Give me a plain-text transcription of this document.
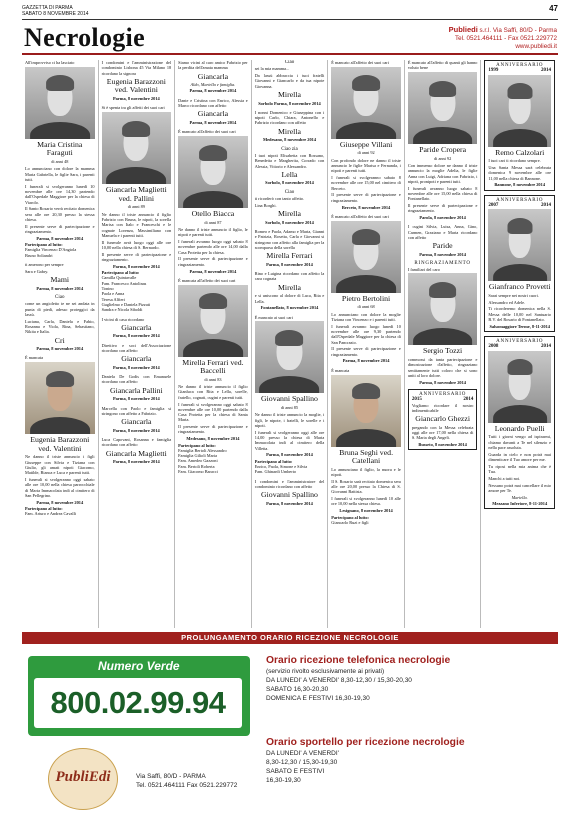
GAZZETTA DI PARMA
SABATO 8 NOVEMBRE 2014
47
Necrologie	Publiedi s.r.l. Via Saffi, 80/D - Parma
Tel. 0521.464111 - Fax 0521.229772
www.publiedi.it

All'improvviso ci ha lasciato

Maria Cristina Faraguti
di anni 48

Lo annunciano con dolore la mamma Maria Gabriella, le figlie Sara, i parenti tutti.

I funerali si svolgeranno lunedì 10 novembre alle ore 14,30 partendo dall'Ospedale Maggiore per la chiesa di Viarolo.

Il Santo Rosario verrà recitato domenica sera alle ore 20,30 presso la stessa chiesa.

Il presente serve di partecipazione e ringraziamento.

Parma, 8 novembre 2014
Partecipano al lutto:
Famiglia Vincenzo D'Angiola
Bruno Soliandri

ti amerono per sempre

Sara e Gabry.

Mami
Parma, 8 novembre 2014
Ciao

come un angioletto te ne sei andata in punta di piedi, adesso proteggici da lassù.

Luciana, Carla, Daniela e Fabio, Rosanna e Viola, Rina, Sebastiano, Nikita e Italia.

Cri
Parma, 8 novembre 2014

È mancata

Eugenia Barazzoni ved. Valentini

Ne danno il triste annuncio i figli Giuseppe con Silvia e Tiziana con Giulio, gli amati nipoti Giacomo, Matilde, Bianca e Luca e parenti tutti.

I funerali si svolgeranno oggi sabato alle ore 10,00 nella chiesa parrocchiale di Marta Immacolata indi al cimitero di San Pellegrino.

Parma, 8 novembre 2014
Partecipano al lutto:
Fam. Arturo e Andrea Cavalli

I condomini e l'amministrazione del condominio Lisbona 45 Via Milano 18 ricordano la signora

Eugenia Barazzoni ved. Valentini
Parma, 8 novembre 2014

Si è spenta tra gli affetti dei suoi cari

Giancarla Maglietti ved. Pallini
di anni 89

Ne danno il triste annuncio il figlio Fabrizio con Bruna, le nipoti, la sorella Marisa con Italo e Franceschi e le cognate Lorenza, Massimiliano con Manuela e i parenti tutti.

Il funerale avrà luogo oggi alle ore 10,00 nella chiesa di S. Bernardo.

Il presente serve di partecipazione e ringraziamento.

Parma, 8 novembre 2014
Partecipano al lutto:
Camilla Quintavalle
Fam. Francesco Antolinas
Tonino
Paola e Anna
Teresa Alfieri
Guglielmo e Daniela Pizzati
Sandra e Nicola Siboldi

I vicini di casa ricordano

Giancarla
Parma, 8 novembre 2014

Direttivo e soci dell'Associazione ricordano con affetto

Giancarla
Parma, 8 novembre 2014

Daniela De Godis con Emanuele ricordano con affetto

Giancarla Pallini
Parma, 8 novembre 2014

Marcella con Paolo e famiglia si stringono con affetto a Fabrizio.

Giancarla
Parma, 8 novembre 2014

Luca Capovani, Rosanna e famiglia ricordano con affetto

Giancarla Maglietti
Parma, 8 novembre 2014

Siamo vicini al caro amico Fabrizio per la perdita dell'amata mamma

Giancarla
Aldo, Mariella e famiglia.
Parma, 8 novembre 2014

Dante e Cristina con Enrico, Alessia e Marco ricordano con affetto

Giancarla
Parma, 8 novembre 2014

È mancato all'affetto dei suoi cari

Otello Biacca
di anni 87

Ne danno il triste annuncio il figlio, le nipoti e parenti tutti.

I funerali avranno luogo oggi sabato 8 novembre partendo alle ore 14,00 dalla Casa Protetta per la chiesa.

Il presente serve di partecipazione e ringraziamento.

Parma, 8 novembre 2014

È mancata all'affetto dei suoi cari

Mirella Ferrari ved. Baccelli
di anni 83

Ne danno il triste annuncio il figlio Gianluca con Rita e Lella, sorelle, fratello, cognati, cugini e parenti tutti.

I funerali si svolgeranno oggi sabato 8 novembre alle ore 10,00 partendo dalla Casa Protetta per la chiesa di Santa Maria.

Il presente serve di partecipazione e ringraziamento.

Medesano, 8 novembre 2014
Partecipano al lutto:
Famiglia Bertoli Alessandro
Famiglia Gilioli Maria
Fam. Amedeo Gazzoni
Fam. Bertoli Roberta
Fam. Giacomo Baracci
Ciao

sei la mia mamma...

Da lassù abbraccia i tuoi fratelli Giovanni e Giancarlo e da tua nipote Giovanna.

Mirella
Sorbolo Parma, 8 novembre 2014

I nonni Domenico e Giuseppina con i nipoti Carlo, Chiara, Antonello e Fabrizio ricordano con affetto

Mirella
Medesano, 8 novembre 2014
Ciao zia

I tuoi nipoti Elisabetta con Rossano, Benedetta e Margherita, Corrado con Alessia, Vittorio e Alessandro.

Lella
Sorbolo, 8 novembre 2014
Ciao

ti ricorderò con tanto affetto.

Lina Borghi.

Mirella
Sorbolo, 8 novembre 2014

Romeo e Paola, Adamo e Maria, Gianni e Patrizia, Rosetta, Carla e Giovanni si stringono con affetto alla famiglia per la scomparsa della sorella

Mirella Ferrari
Parma, 8 novembre 2014

Rino e Luigina ricordano con affetto la cara cognata

Mirella

e si uniscono al dolore di Luca, Rita e Lella.

Fontanellato, 8 novembre 2014

È mancato ai suoi cari

Giovanni Spallino
di anni 85

Ne danno il triste annuncio la moglie, i figli, le nipote, i fratelli, le sorelle e i nipoti.

I funerali si svolgeranno oggi alle ore 14,00 presso la chiesa di Maria Immacolata indi al cimitero della Villetta.

Parma, 8 novembre 2014
Partecipano al lutto:
Enrico, Paola, Simone e Silvia
Fam. Ghinardi Umberto

I condomini e l'amministratore del condominio ricordano con affetto

Giovanni Spallino
Parma, 8 novembre 2014

È mancato all'affetto dei suoi cari

Giuseppe Villani
di anni 92

Con profondo dolore ne danno il triste annuncio le figlie Marisa e Fernanda, i nipoti e parenti tutti.

I funerali si svolgeranno sabato 8 novembre alle ore 15,00 nel cimitero di Berceto.

Il presente serve di partecipazione e ringraziamento.

Berceto, 8 novembre 2014

È mancato all'affetto dei suoi cari

Pietro Bertolini
di anni 68

Lo annunciano con dolore la moglie Tiziana con Vincenzo e i parenti tutti.

I funerali avranno luogo lunedì 10 novembre alle ore 9,30 partendo dall'Ospedale Maggiore per la chiesa di San Pancrazio.

Il presente serve di partecipazione e ringraziamento.

Parma, 8 novembre 2014

È mancata

Bruna Seghi ved. Catellani

Lo annunciano il figlio, la nuora e le nipoti.

Il S. Rosario sarà recitato domenica sera alle ore 20,00 presso la Chiesa di S. Giovanni Battista.

I funerali si svolgeranno lunedì 10 alle ore 10,00 nella stessa chiesa.

Lesignano, 8 novembre 2014
Partecipano al lutto:
Giancarlo Ruzi e figli

È mancato all'affetto di quanti gli hanno voluto bene

Paride Cropera
di anni 92

Con immenso dolore ne danno il triste annuncio la moglie Adelia, le figlie Anna con Luigi, Adriana con Fabrizio, i nipoti, pronipoti e parenti tutti.

I funerali avranno luogo sabato 8 novembre alle ore 15,00 nella chiesa di Fontanellato.

Il presente serve di partecipazione e ringraziamento.

Parola, 8 novembre 2014

I cugini Silvia, Luisa, Anna, Gino, Carmen, Graziano e Maria ricordano con affetto

Paride
Parma, 8 novembre 2014
RINGRAZIAMENTO

I familiari del caro

Sergio Tozzi

commossi da tanta partecipazione e dimostrazione d'affetto, ringraziano sentitamente tutti coloro che si sono uniti al loro dolore.

Parma, 8 novembre 2014
ANNIVERSARIO
2015	2014

Vogliamo ricordare il nostro indimenticabile

Giancarlo Ghezzi

pregando con la Messa celebrata oggi alle ore 17,00 nella chiesa di S. Maria degli Angeli.

Busseto, 8 novembre 2014
ANNIVERSARIO
1999	2014
Remo Calzolari

I tuoi cari ti ricordano sempre.

Una Santa Messa sarà celebrata domenica 9 novembre alle ore 11,00 nella chiesa di Bannone.

Bannone, 8 novembre 2014
ANNIVERSARIO
2007	2014
Gianfranco Provetti

Sarai sempre nei nostri cuori.

Alessandro ed Adele.

Ti ricorderemo domenica nella S. Messa delle 10,00 nel Santuario B.V. del Rosario di Fontanellato.

Salsomaggiore Terme, 8-11-2014
ANNIVERSARIO
2008	2014
Leonardo Puelli

Tutti i giorni vengo ad ispirarmi, chiamo davanti a Te nel silenzio e nella pace assoluta.

Guarda in cielo e non potrà mai dimenticare il Tuo amore per me.

Tu riposi nella mia anima che è Tua.

Manchi a tutti noi.

Nessuno potrà mai cancellare il mio amore per Te.

Mariella.
Mezzano Inferiore, 8-11-2014
PROLUNGAMENTO ORARIO RICEZIONE NECROLOGIE
Numero Verde
800.02.99.94
PubliEdi	Via Saffi, 80/D - PARMA
Tel. 0521.464111 Fax 0521.229772
Orario ricezione telefonica necrologie
(servizio rivolto esclusivamente ai privati)
DA LUNEDI' A VENERDI' 8,30-12,30 / 15,30-20,30
SABATO 16,30-20,30
DOMENICA E FESTIVI 16,30-19,30
Orario sportello per ricezione necrologie
DA LUNEDI' A VENERDI'
8,30-12,30 / 15,30-19,30
SABATO E FESTIVI
16,30-19,30
